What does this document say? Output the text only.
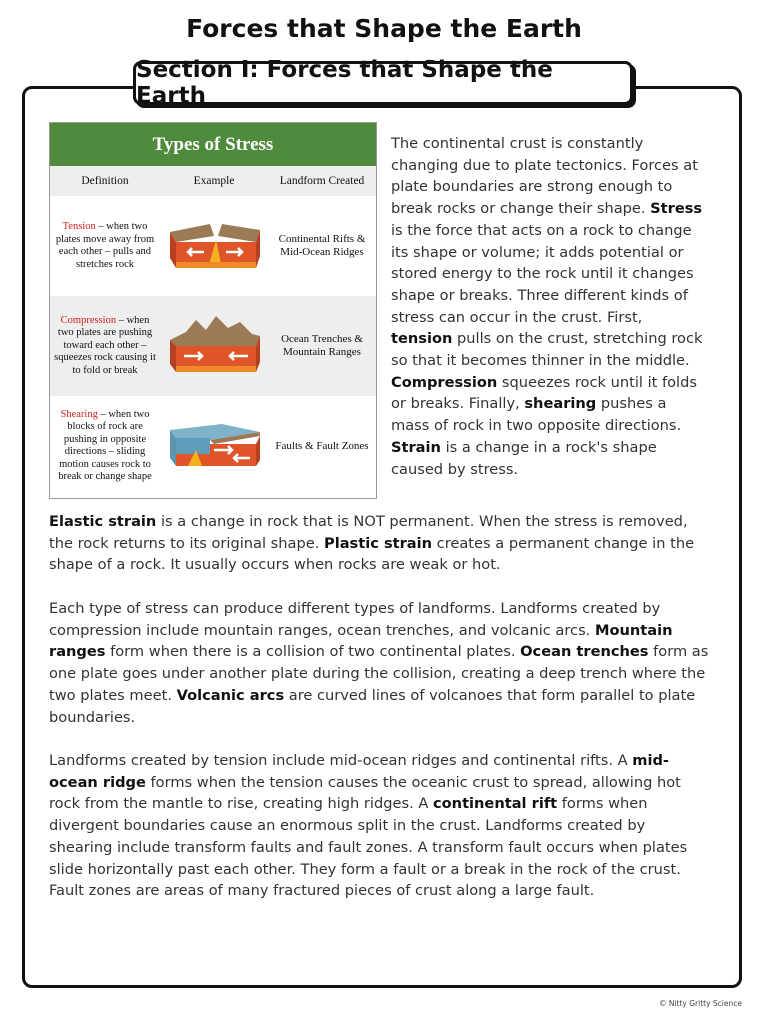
Forces that Shape the Earth
Section I: Forces that Shape the Earth
Types of Stress
Definition	Example	Landform Created
Tension – when two plates move away from each other – pulls and stretches rock
Continental Rifts & Mid-Ocean Ridges
Compression – when two plates are pushing toward each other – squeezes rock causing it to fold or break
Ocean Trenches & Mountain Ranges
Shearing – when two blocks of rock are pushing in opposite directions – sliding motion causes rock to break or change shape
Faults & Fault Zones

The continental crust is constantly changing due to plate tectonics. Forces at plate boundaries are strong enough to break rocks or change their shape. Stress is the force that acts on a rock to change its shape or volume; it adds potential or stored energy to the rock until it changes shape or breaks. Three different kinds of stress can occur in the crust. First, tension pulls on the crust, stretching rock so that it becomes thinner in the middle. Compression squeezes rock until it folds or breaks. Finally, shearing pushes a mass of rock in two opposite directions. Strain is a change in a rock's shape caused by stress.

Elastic strain is a change in rock that is NOT permanent. When the stress is removed, the rock returns to its original shape. Plastic strain creates a permanent change in the shape of a rock. It usually occurs when rocks are weak or hot.

Each type of stress can produce different types of landforms. Landforms created by compression include mountain ranges, ocean trenches, and volcanic arcs. Mountain ranges form when there is a collision of two continental plates. Ocean trenches form as one plate goes under another plate during the collision, creating a deep trench where the two plates meet. Volcanic arcs are curved lines of volcanoes that form parallel to plate boundaries.

Landforms created by tension include mid-ocean ridges and continental rifts. A mid-ocean ridge forms when the tension causes the oceanic crust to spread, allowing hot rock from the mantle to rise, creating high ridges. A continental rift forms when divergent boundaries cause an enormous split in the crust. Landforms created by shearing include transform faults and fault zones. A transform fault occurs when plates slide horizontally past each other. They form a fault or a break in the rock of the crust. Fault zones are areas of many fractured pieces of crust along a large fault.

© Nitty Gritty Science
